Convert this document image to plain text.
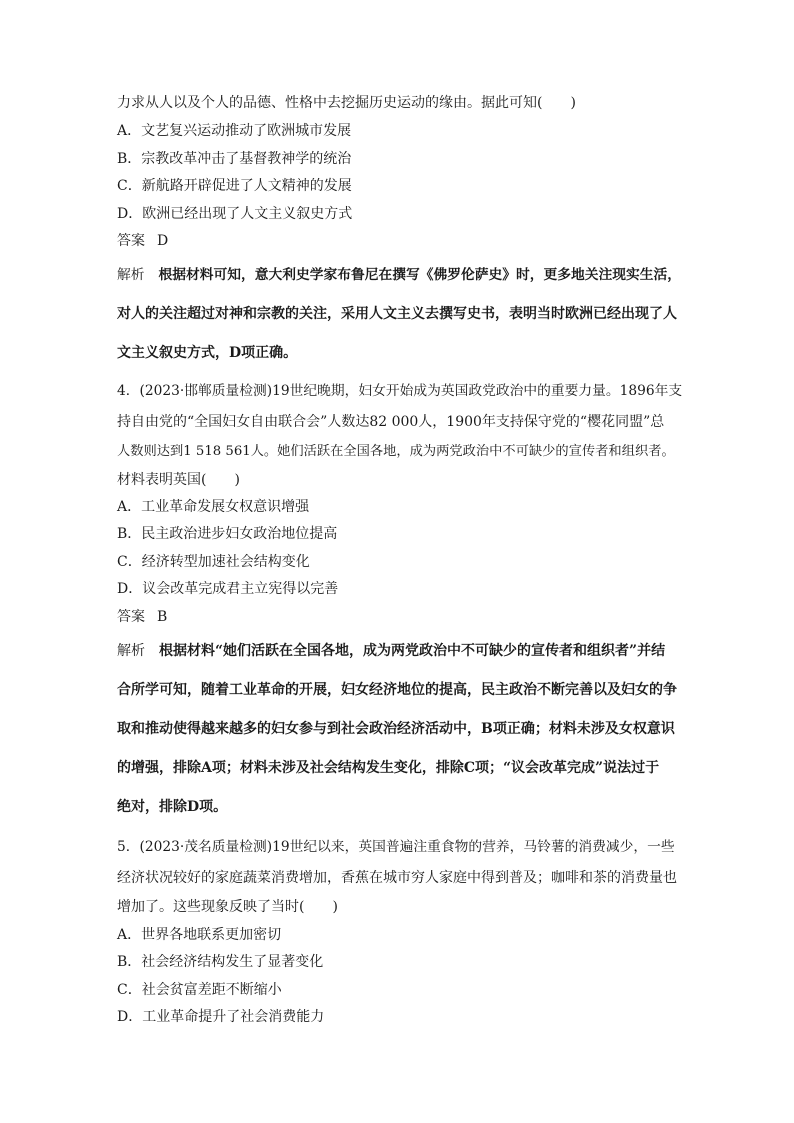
力求从人以及个人的品德、性格中去挖掘历史运动的缘由。据此可知(　　)
A．文艺复兴运动推动了欧洲城市发展
B．宗教改革冲击了基督教神学的统治
C．新航路开辟促进了人文精神的发展
D．欧洲已经出现了人文主义叙史方式
答案 D
解析 根据材料可知，意大利史学家布鲁尼在撰写《佛罗伦萨史》时，更多地关注现实生活，
对人的关注超过对神和宗教的关注，采用人文主义去撰写史书，表明当时欧洲已经出现了人
文主义叙史方式，D项正确。
4．(2023·邯郸质量检测)19世纪晚期，妇女开始成为英国政党政治中的重要力量。1896年支
持自由党的“全国妇女自由联合会”人数达82 000人，1900年支持保守党的“樱花同盟”总
人数则达到1 518 561人。她们活跃在全国各地，成为两党政治中不可缺少的宣传者和组织者。
材料表明英国(　　)
A．工业革命发展女权意识增强
B．民主政治进步妇女政治地位提高
C．经济转型加速社会结构变化
D．议会改革完成君主立宪得以完善
答案 B
解析 根据材料“她们活跃在全国各地，成为两党政治中不可缺少的宣传者和组织者”并结
合所学可知，随着工业革命的开展，妇女经济地位的提高，民主政治不断完善以及妇女的争
取和推动使得越来越多的妇女参与到社会政治经济活动中，B项正确；材料未涉及女权意识
的增强，排除A项；材料未涉及社会结构发生变化，排除C项；“议会改革完成”说法过于
绝对，排除D项。
5．(2023·茂名质量检测)19世纪以来，英国普遍注重食物的营养，马铃薯的消费减少，一些
经济状况较好的家庭蔬菜消费增加，香蕉在城市穷人家庭中得到普及；咖啡和茶的消费量也
增加了。这些现象反映了当时(　　)
A．世界各地联系更加密切
B．社会经济结构发生了显著变化
C．社会贫富差距不断缩小
D．工业革命提升了社会消费能力
